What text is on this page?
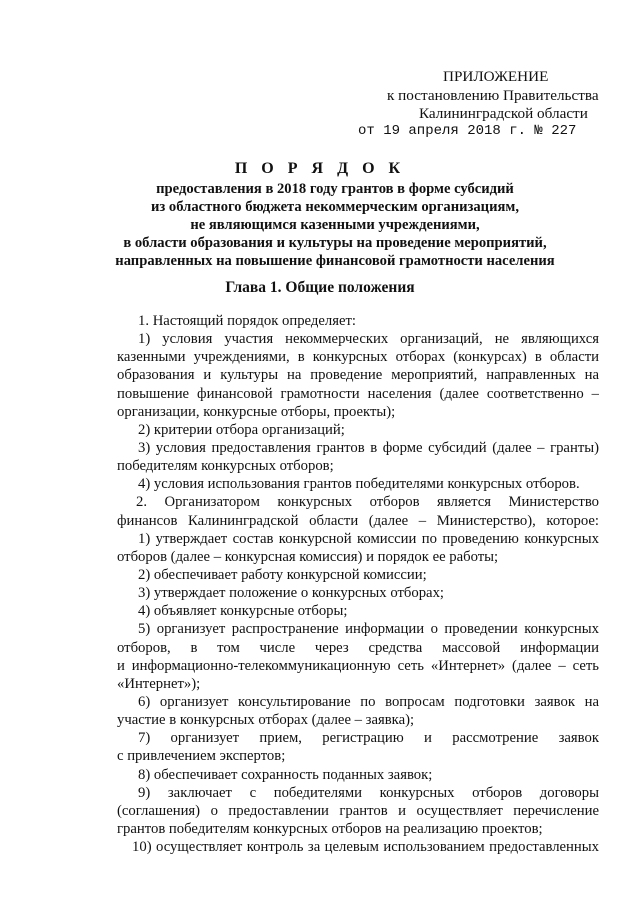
ПРИЛОЖЕНИЕ
к постановлению Правительства
Калининградской области
от 19 апреля 2018 г. № 227
П О Р Я Д О К
предоставления в 2018 году грантов в форме субсидий
из областного бюджета некоммерческим организациям,
не являющимся казенными учреждениями,
в области образования и культуры на проведение мероприятий,
направленных на повышение финансовой грамотности населения
Глава 1. Общие положения
1. Настоящий порядок определяет:
1) условия участия некоммерческих организаций, не являющихся
казенными учреждениями, в конкурсных отборах (конкурсах) в области
образования и культуры на проведение мероприятий, направленных на
повышение финансовой грамотности населения (далее соответственно –
организации, конкурсные отборы, проекты);
2) критерии отбора организаций;
3) условия предоставления грантов в форме субсидий (далее – гранты)
победителям конкурсных отборов;
4) условия использования грантов победителями конкурсных отборов.
2. Организатором конкурсных отборов является Министерство
финансов Калининградской области (далее – Министерство), которое:
1) утверждает состав конкурсной комиссии по проведению конкурсных
отборов (далее – конкурсная комиссия) и порядок ее работы;
2) обеспечивает работу конкурсной комиссии;
3) утверждает положение о конкурсных отборах;
4) объявляет конкурсные отборы;
5) организует распространение информации о проведении конкурсных
отборов, в том числе через средства массовой информации
и информационно-телекоммуникационную сеть «Интернет» (далее – сеть
«Интернет»);
6) организует консультирование по вопросам подготовки заявок на
участие в конкурсных отборах (далее – заявка);
7) организует прием, регистрацию и рассмотрение заявок
с привлечением экспертов;
8) обеспечивает сохранность поданных заявок;
9) заключает с победителями конкурсных отборов договоры
(соглашения) о предоставлении грантов и осуществляет перечисление
грантов победителям конкурсных отборов на реализацию проектов;
10) осуществляет контроль за целевым использованием предоставленных
